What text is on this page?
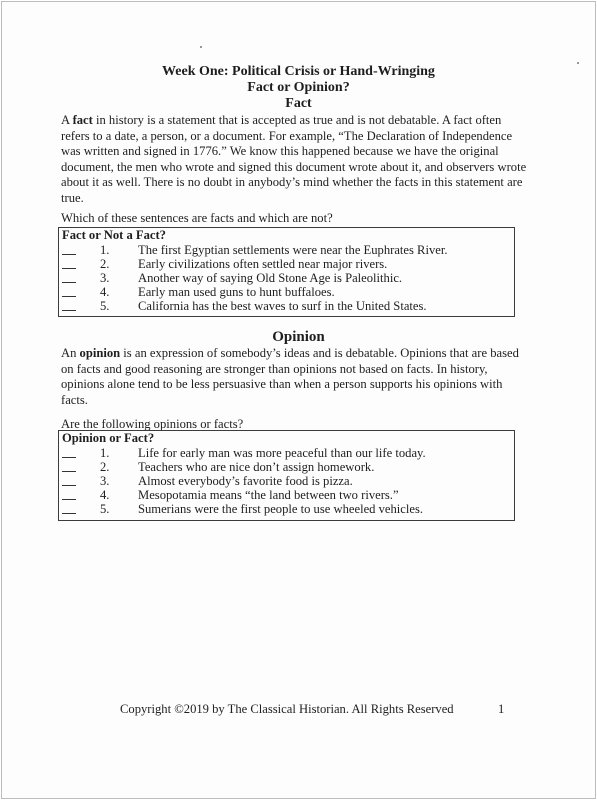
Week One: Political Crisis or Hand-Wringing
Fact or Opinion?
Fact
A fact in history is a statement that is accepted as true and is not debatable. A fact often refers to a date, a person, or a document. For example, “The Declaration of Independence was written and signed in 1776.” We know this happened because we have the original document, the men who wrote and signed this document wrote about it, and observers wrote about it as well. There is no doubt in anybody’s mind whether the facts in this statement are true.
Which of these sentences are facts and which are not?
Fact or Not a Fact?
1. The first Egyptian settlements were near the Euphrates River.
2. Early civilizations often settled near major rivers.
3. Another way of saying Old Stone Age is Paleolithic.
4. Early man used guns to hunt buffaloes.
5. California has the best waves to surf in the United States.
Opinion
An opinion is an expression of somebody’s ideas and is debatable. Opinions that are based on facts and good reasoning are stronger than opinions not based on facts. In history, opinions alone tend to be less persuasive than when a person supports his opinions with facts.
Are the following opinions or facts?
Opinion or Fact?
1. Life for early man was more peaceful than our life today.
2. Teachers who are nice don’t assign homework.
3. Almost everybody’s favorite food is pizza.
4. Mesopotamia means “the land between two rivers.”
5. Sumerians were the first people to use wheeled vehicles.
Copyright ©2019 by The Classical Historian. All Rights Reserved	1
